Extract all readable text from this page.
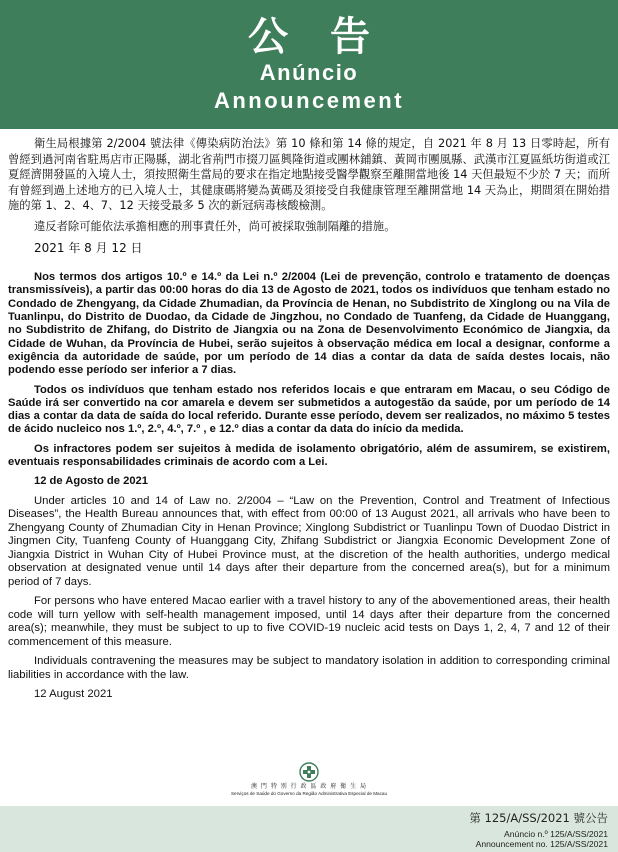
公 告
Anúncio
Announcement

衛生局根據第 2/2004 號法律《傳染病防治法》第 10 條和第 14 條的規定，自 2021 年 8 月 13 日零時起，所有曾經到過河南省駐馬店市正陽縣，湖北省荊門市掇刀區興隆街道或團林鋪鎮、黃岡市團風縣、武漢市江夏區紙坊街道或江夏經濟開發區的入境人士，須按照衛生當局的要求在指定地點接受醫學觀察至離開當地後 14 天但最短不少於 7 天；而所有曾經到過上述地方的已入境人士，其健康碼將變為黃碼及須接受自我健康管理至離開當地 14 天為止，期間須在開始措施的第 1、2、4、7、12 天接受最多 5 次的新冠病毒核酸檢測。

違反者除可能依法承擔相應的刑事責任外，尚可被採取強制隔離的措施。

2021 年 8 月 12 日

Nos termos dos artigos 10.º e 14.º da Lei n.º 2/2004 (Lei de prevenção, controlo e tratamento de doenças transmissíveis), a partir das 00:00 horas do dia 13 de Agosto de 2021, todos os indivíduos que tenham estado no Condado de Zhengyang, da Cidade Zhumadian, da Província de Henan, no Subdistrito de Xinglong ou na Vila de Tuanlinpu, do Distrito de Duodao, da Cidade de Jingzhou, no Condado de Tuanfeng, da Cidade de Huanggang, no Subdistrito de Zhifang, do Distrito de Jiangxia ou na Zona de Desenvolvimento Económico de Jiangxia, da Cidade de Wuhan, da Província de Hubei, serão sujeitos à observação médica em local a designar, conforme a exigência da autoridade de saúde, por um período de 14 dias a contar da data de saída destes locais, não podendo esse período ser inferior a 7 dias.

Todos os indivíduos que tenham estado nos referidos locais e que entraram em Macau, o seu Código de Saúde irá ser convertido na cor amarela e devem ser submetidos a autogestão da saúde, por um período de 14 dias a contar da data de saída do local referido. Durante esse período, devem ser realizados, no máximo 5 testes de ácido nucleico nos 1.º, 2.º, 4.º, 7.º , e 12.º dias a contar da data do início da medida.

Os infractores podem ser sujeitos à medida de isolamento obrigatório, além de assumirem, se existirem, eventuais responsabilidades criminais de acordo com a Lei.

12 de Agosto de 2021

Under articles 10 and 14 of Law no. 2/2004 – “Law on the Prevention, Control and Treatment of Infectious Diseases”, the Health Bureau announces that, with effect from 00:00 of 13 August 2021, all arrivals who have been to Zhengyang County of Zhumadian City in Henan Province; Xinglong Subdistrict or Tuanlinpu Town of Duodao District in Jingmen City, Tuanfeng County of Huanggang City, Zhifang Subdistrict or Jiangxia Economic Development Zone of Jiangxia District in Wuhan City of Hubei Province must, at the discretion of the health authorities, undergo medical observation at designated venue until 14 days after their departure from the concerned area(s), but for a minimum period of 7 days.

For persons who have entered Macao earlier with a travel history to any of the abovementioned areas, their health code will turn yellow with self-health management imposed, until 14 days after their departure from the concerned area(s); meanwhile, they must be subject to up to five COVID-19 nucleic acid tests on Days 1, 2, 4, 7 and 12 of their commencement of this measure.

Individuals contravening the measures may be subject to mandatory isolation in addition to corresponding criminal liabilities in accordance with the law.

12 August 2021

澳 門 特 別 行 政 區 政 府 衛 生 局
Serviços de Saúde do Governo da Região Administrativa Especial de Macau
第 125/A/SS/2021 號公告
Anúncio n.º 125/A/SS/2021
Announcement no. 125/A/SS/2021
